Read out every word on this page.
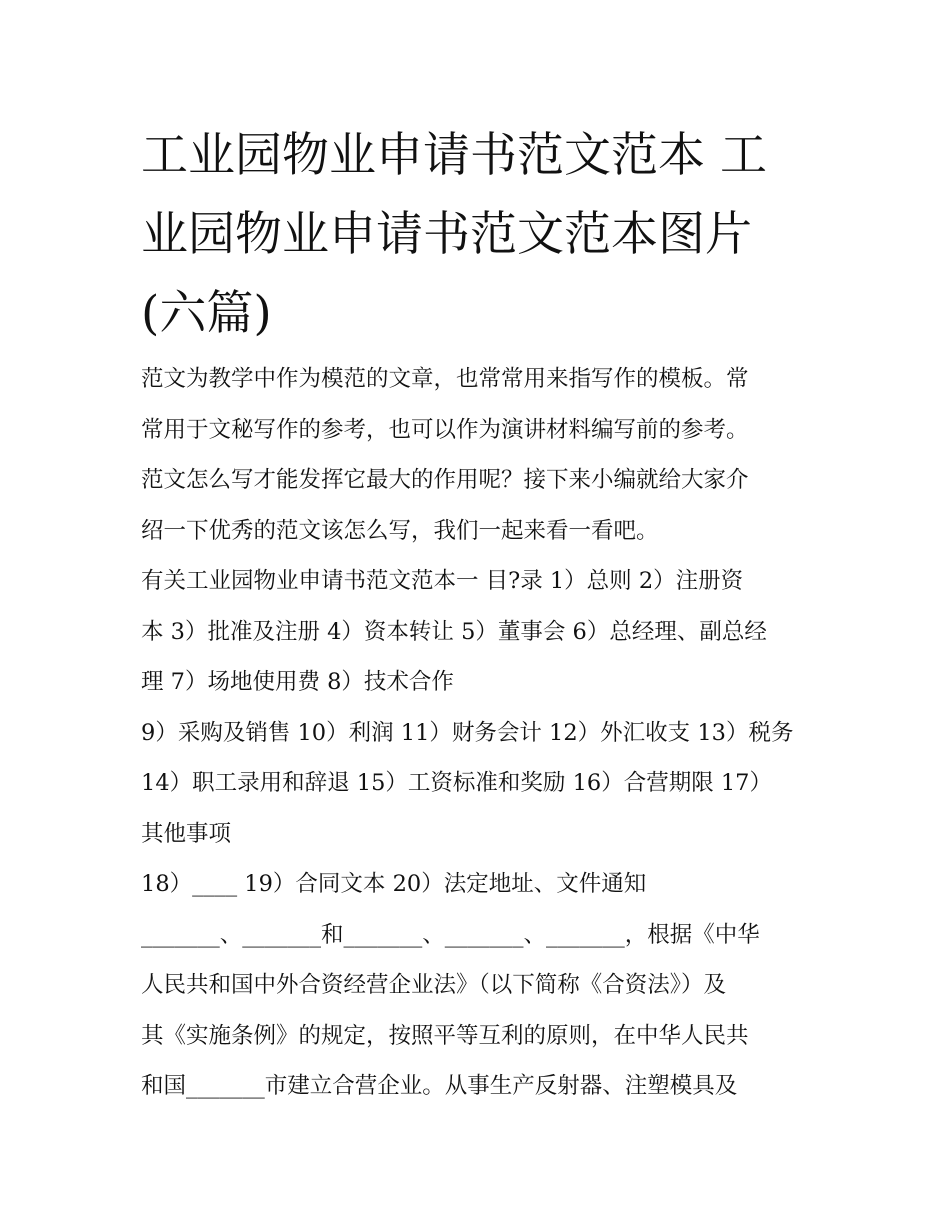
工业园物业申请书范文范本 工
业园物业申请书范文范本图片
(六篇)
范文为教学中作为模范的文章，也常常用来指写作的模板。常
常用于文秘写作的参考，也可以作为演讲材料编写前的参考。
范文怎么写才能发挥它最大的作用呢？接下来小编就给大家介
绍一下优秀的范文该怎么写，我们一起来看一看吧。
有关工业园物业申请书范文范本一 目?录 1）总则 2）注册资
本 3）批准及注册 4）资本转让 5）董事会 6）总经理、副总经
理 7）场地使用费 8）技术合作
9）采购及销售 10）利润 11）财务会计 12）外汇收支 13）税务
14）职工录用和辞退 15）工资标准和奖励 16）合营期限 17）
其他事项
18）____ 19）合同文本 20）法定地址、文件通知
_______、_______和_______、_______、_______，根据《中华
人民共和国中外合资经营企业法》（以下简称《合资法》）及
其《实施条例》的规定，按照平等互利的原则，在中华人民共
和国_______市建立合营企业。从事生产反射器、注塑模具及
